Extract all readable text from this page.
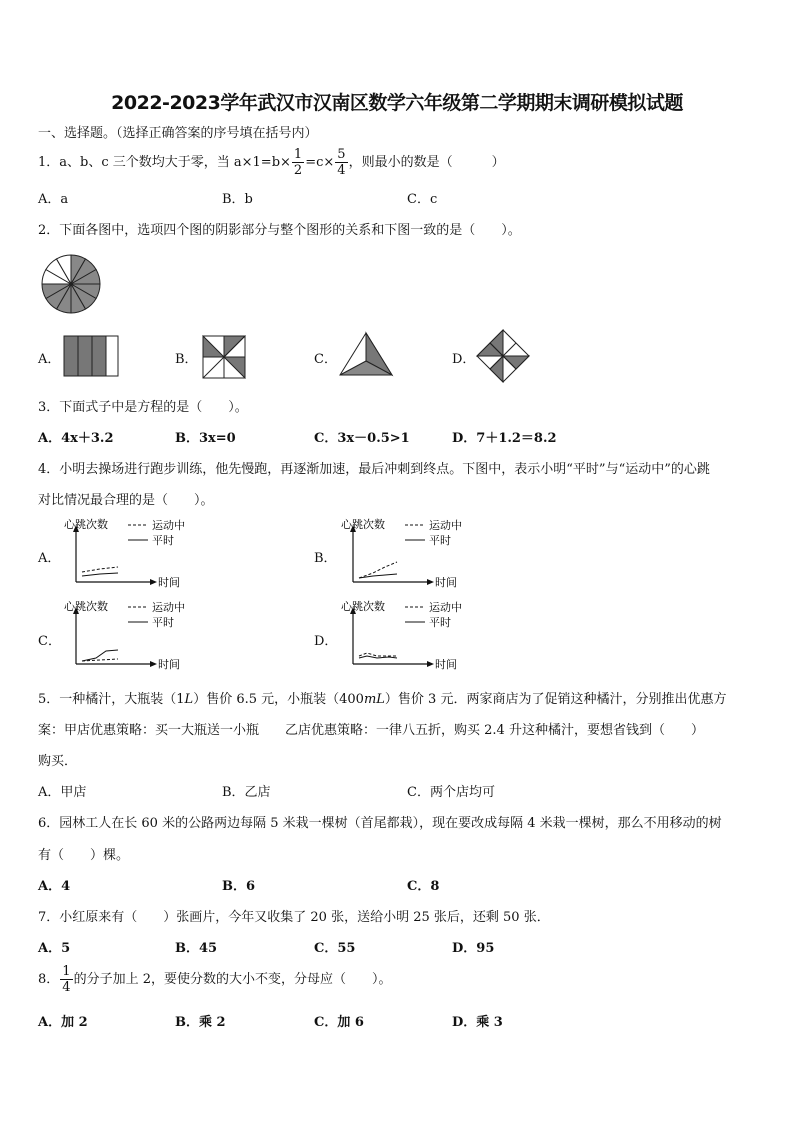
2022-2023学年武汉市汉南区数学六年级第二学期期末调研模拟试题
一、选择题。（选择正确答案的序号填在括号内）
1．a、b、c 三个数均大于零，当 $a\times 1=b\times \frac{1}{2} =c\times \frac{5}{4}$ ，则最小的数是（　　　）
A．a	B．b	C．c
2．下面各图中，选项四个图的阴影部分与整个图形的关系和下图一致的是（　　）。
A．	B．	C．	D．
3．下面式子中是方程的是（　　）。
A．4x＋3.2	B．3x=0	C．3x－0.5>1	D．7＋1.2＝8.2
4．小明去操场进行跑步训练，他先慢跑，再逐渐加速，最后冲刺到终点。下图中，表示小明“平时”与“运动中”的心跳
对比情况最合理的是（　　）。
A．	B．
C．	D．
心跳次数
时间
运动中
平时
心跳次数
时间
运动中
平时
心跳次数
时间
运动中
平时
心跳次数
时间
运动中
平时
5．一种橘汁，大瓶装（1L）售价 6.5 元，小瓶装（400mL）售价 3 元．两家商店为了促销这种橘汁，分别推出优惠方
案：甲店优惠策略：买一大瓶送一小瓶　　乙店优惠策略：一律八五折，购买 2.4 升这种橘汁，要想省钱到（　　）
购买．
A．甲店	B．乙店	C．两个店均可
6．园林工人在长 60 米的公路两边每隔 5 米栽一棵树（首尾都栽），现在要改成每隔 4 米栽一棵树，那么不用移动的树
有（　　）棵。
A．4	B．6	C．8
7．小红原来有（　　）张画片，今年又收集了 20 张，送给小明 25 张后，还剩 50 张．
A．5	B．45	C．55	D．95
8． $\frac{1}{4}$ 的分子加上 2，要使分数的大小不变，分母应（　　）。
A．加 2	B．乘 2	C．加 6	D．乘 3
